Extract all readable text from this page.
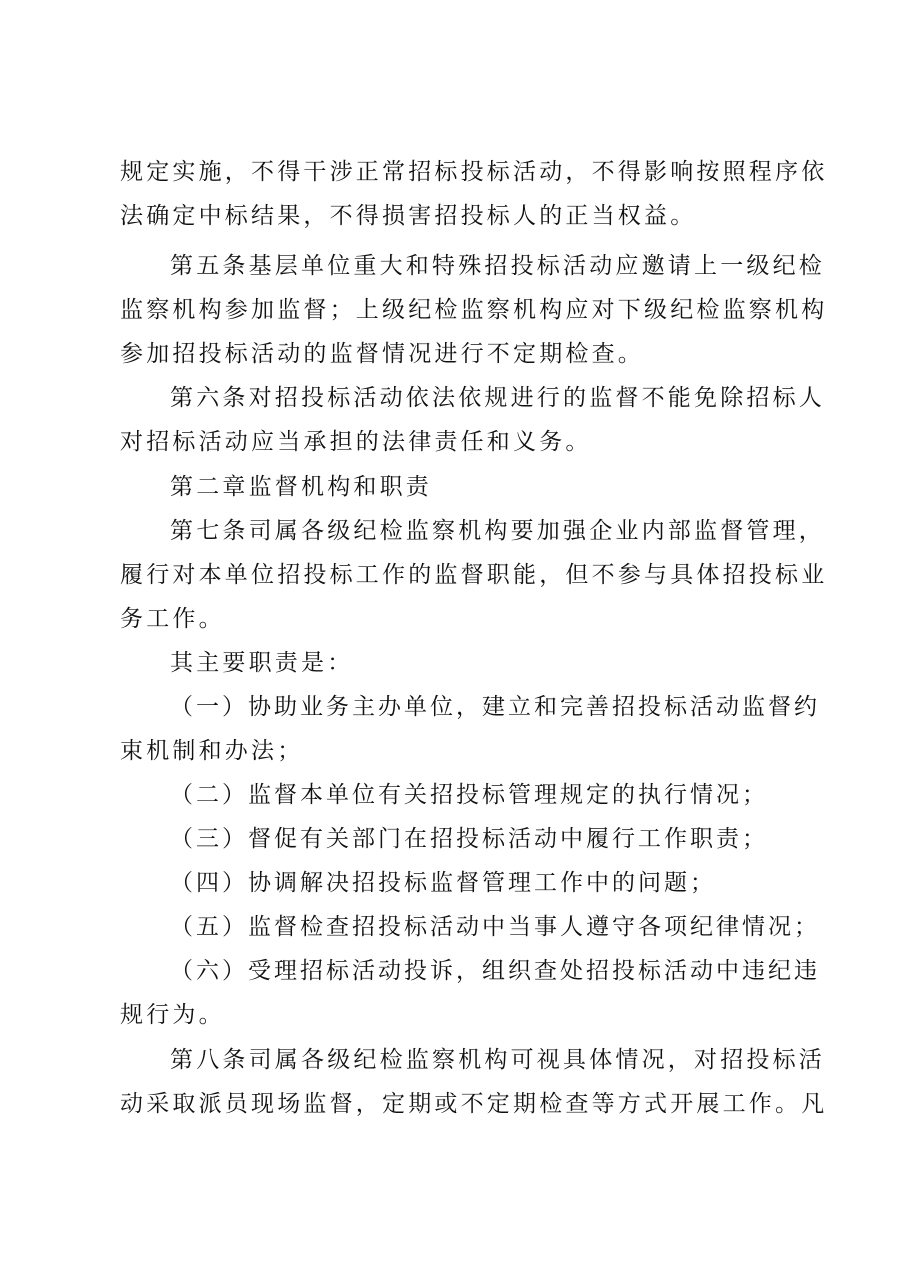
规定实施，不得干涉正常招标投标活动，不得影响按照程序依
法确定中标结果，不得损害招投标人的正当权益。
第五条基层单位重大和特殊招投标活动应邀请上一级纪检
监察机构参加监督；上级纪检监察机构应对下级纪检监察机构
参加招投标活动的监督情况进行不定期检查。
第六条对招投标活动依法依规进行的监督不能免除招标人
对招标活动应当承担的法律责任和义务。
第二章监督机构和职责
第七条司属各级纪检监察机构要加强企业内部监督管理，
履行对本单位招投标工作的监督职能，但不参与具体招投标业
务工作。
其主要职责是：
（一）协助业务主办单位，建立和完善招投标活动监督约
束机制和办法；
（二）监督本单位有关招投标管理规定的执行情况；
（三）督促有关部门在招投标活动中履行工作职责；
（四）协调解决招投标监督管理工作中的问题；
（五）监督检查招投标活动中当事人遵守各项纪律情况；
（六）受理招标活动投诉，组织查处招投标活动中违纪违
规行为。
第八条司属各级纪检监察机构可视具体情况，对招投标活
动采取派员现场监督，定期或不定期检查等方式开展工作。凡
